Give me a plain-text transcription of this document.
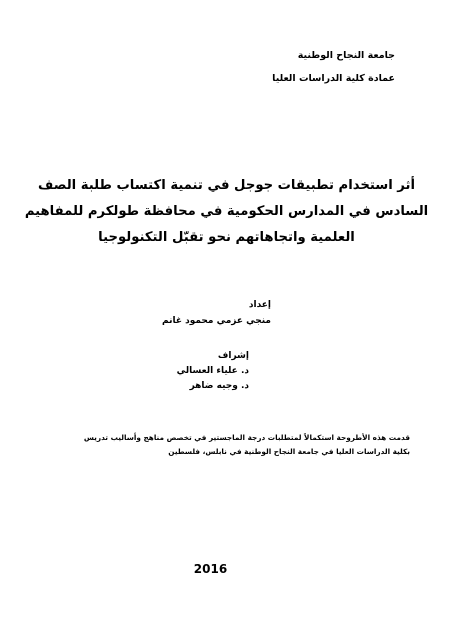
جامعة النجاح الوطنية
عمادة كلية الدراسات العليا
أثر استخدام تطبيقات جوجل في تنمية اكتساب طلبة الصف
السادس في المدارس الحكومية في محافظة طولكرم للمفاهيم
العلمية واتجاهاتهم نحو تقبّل التكنولوجيا
إعداد
منجي عزمي محمود غانم
إشراف
د. علياء العسالي
د. وجيه ضاهر
قدمت هذه الأطروحة استكمالاً لمتطلبات درجة الماجستير في تخصص مناهج وأساليب تدريس
بكلية الدراسات العليا في جامعة النجاح الوطنية في نابلس، فلسطين
2016
